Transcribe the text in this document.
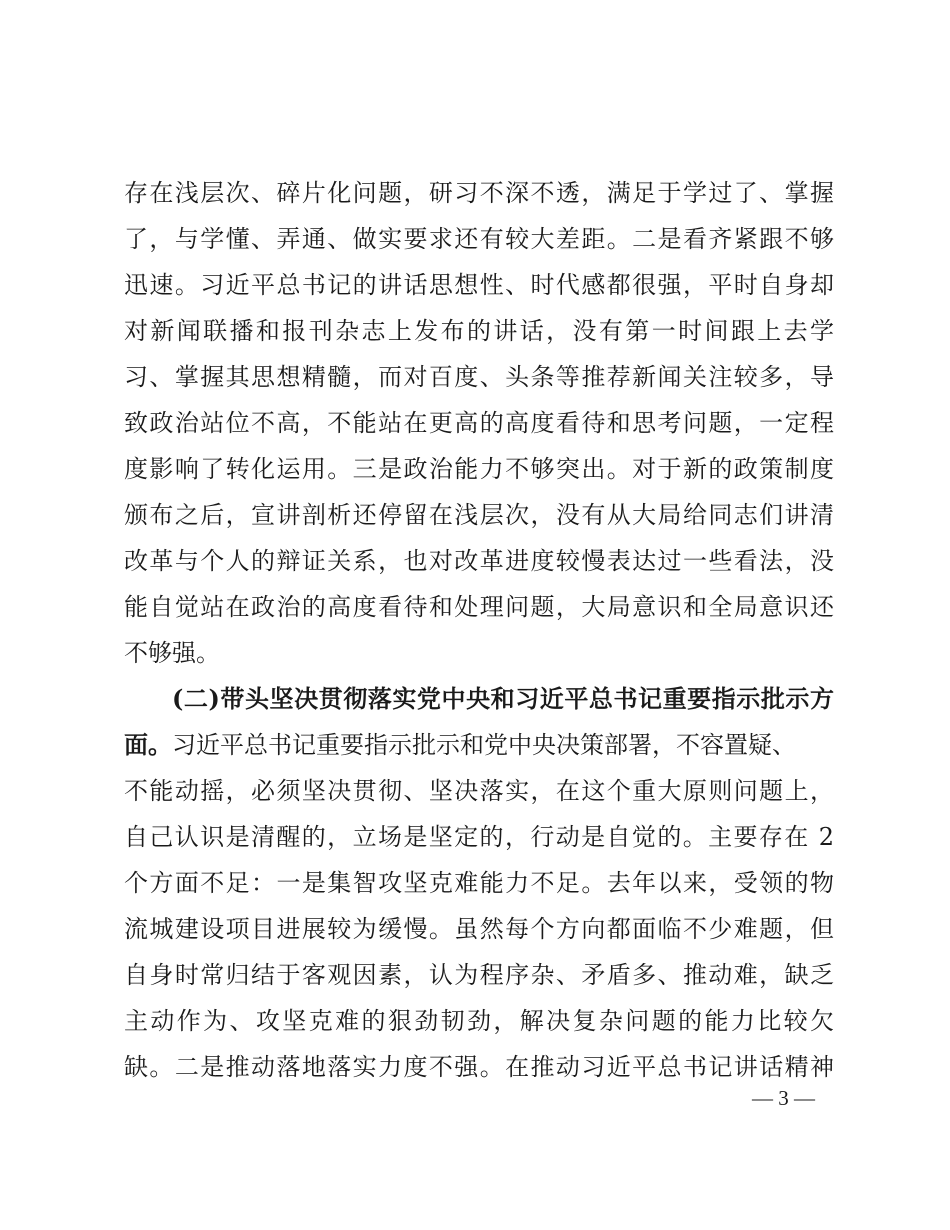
存在浅层次、碎片化问题，研习不深不透，满足于学过了、掌握
了，与学懂、弄通、做实要求还有较大差距。二是看齐紧跟不够
迅速。习近平总书记的讲话思想性、时代感都很强，平时自身却
对新闻联播和报刊杂志上发布的讲话，没有第一时间跟上去学
习、掌握其思想精髓，而对百度、头条等推荐新闻关注较多，导
致政治站位不高，不能站在更高的高度看待和思考问题，一定程
度影响了转化运用。三是政治能力不够突出。对于新的政策制度
颁布之后，宣讲剖析还停留在浅层次，没有从大局给同志们讲清
改革与个人的辩证关系，也对改革进度较慢表达过一些看法，没
能自觉站在政治的高度看待和处理问题，大局意识和全局意识还
不够强。
(二)带头坚决贯彻落实党中央和习近平总书记重要指示批示方
面。习近平总书记重要指示批示和党中央决策部署，不容置疑、
不能动摇，必须坚决贯彻、坚决落实，在这个重大原则问题上，
自己认识是清醒的，立场是坚定的，行动是自觉的。主要存在 2
个方面不足：一是集智攻坚克难能力不足。去年以来，受领的物
流城建设项目进展较为缓慢。虽然每个方向都面临不少难题，但
自身时常归结于客观因素，认为程序杂、矛盾多、推动难，缺乏
主动作为、攻坚克难的狠劲韧劲，解决复杂问题的能力比较欠
缺。二是推动落地落实力度不强。在推动习近平总书记讲话精神
— 3 —
